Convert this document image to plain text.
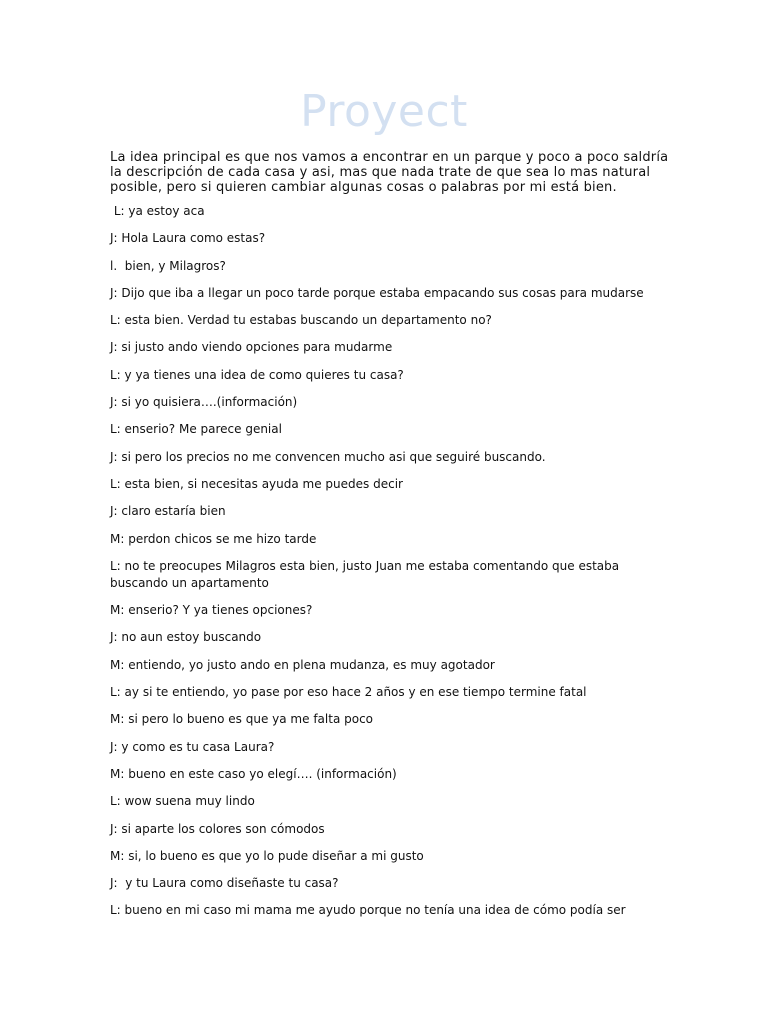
Proyect
La idea principal es que nos vamos a encontrar en un parque y poco a poco saldría la descripción de cada casa y asi, mas que nada trate de que sea lo mas natural posible, pero si quieren cambiar algunas cosas o palabras por mi está bien.

L: ya estoy aca

J: Hola Laura como estas?

l.  bien, y Milagros?

J: Dijo que iba a llegar un poco tarde porque estaba empacando sus cosas para mudarse

L: esta bien. Verdad tu estabas buscando un departamento no?

J: si justo ando viendo opciones para mudarme

L: y ya tienes una idea de como quieres tu casa?

J: si yo quisiera….(información)

L: enserio? Me parece genial

J: si pero los precios no me convencen mucho asi que seguiré buscando.

L: esta bien, si necesitas ayuda me puedes decir

J: claro estaría bien

M: perdon chicos se me hizo tarde

L: no te preocupes Milagros esta bien, justo Juan me estaba comentando que estaba buscando un apartamento

M: enserio? Y ya tienes opciones?

J: no aun estoy buscando

M: entiendo, yo justo ando en plena mudanza, es muy agotador

L: ay si te entiendo, yo pase por eso hace 2 años y en ese tiempo termine fatal

M: si pero lo bueno es que ya me falta poco

J: y como es tu casa Laura?

M: bueno en este caso yo elegí…. (información)

L: wow suena muy lindo

J: si aparte los colores son cómodos

M: si, lo bueno es que yo lo pude diseñar a mi gusto

J:  y tu Laura como diseñaste tu casa?

L: bueno en mi caso mi mama me ayudo porque no tenía una idea de cómo podía ser
